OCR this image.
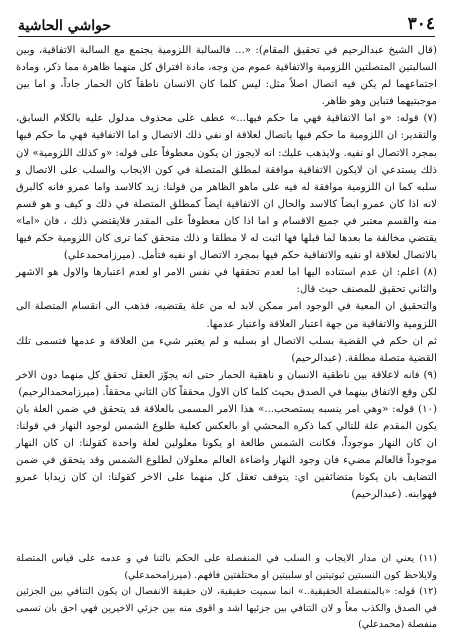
٣٠٤
حواشي الحاشية

(قال الشيخ عبدالرحيم في تحقيق المقام): «... فالسالبة اللزومية يجتمع مع السالبة الاتفاقية، وبين السالبتين المتصلتين اللزومية والاتفاقية عموم من وجه، مادة افتراق كل منهما ظاهرة مما ذكر، ومادة اجتماعهما لم يكن فيه اتصال اصلاً مثل: ليس كلما كان الانسان ناطقاً كان الحمار جاداً، و اما بين موجبتيهما فتباين وهو ظاهر.

(٧) قوله: «و اما الاتفاقية فهي ما حكم فيها...» عطف على محذوف مدلول عليه بالكلام السابق، والتقدير: ان اللزومية ما حكم فيها باتصال لعلاقة او نفي ذلك الاتصال و اما الاتفاقية فهي ما حكم فيها بمجرد الاتصال او نفيه. ولايذهب عليك: انه لايجوز ان يكون معطوفاً على قوله: «و كذلك اللزومية» لان ذلك يستدعي ان لايكون الاتفاقية موافقة لمطلق المتصلة في كون الايجاب والسلب على الاتصال و سلبه كما ان اللزومية موافقة له فيه على ماهو الظاهر من قولنا: زيد كالاسد واما عمرو فانه كالبرق لانه اذا كان عمرو ابضاً كالاسد والحال ان الاتفاقية ايضاً كمطلق المتصلة في ذلك و كيف و هو قسم منه والقسم معتبر في جميع الاقسام و اما اذا كان معطوفاً على المقدر فلايقتضي ذلك ، فان «اما» يقتضي مخالفة ما بعدها لما قبلها فها اثبت له لا مطلقا و ذلك متحقق كما ترى كان اللزومية حكم فيها بالاتصال لعلاقة او نفيه والاتفاقية حكم فيها بمجرد الاتصال او نفيه فتأمل. (ميرزامحمدعلي)

(٨) اعلم: ان عدم استناده اليها اما لعدم تحققها في نفس الامر او لعدم اعتبارها والاول هو الاشهر والثاني تحقيق للمصنف حيث قال:

والتحقيق ان المعية في الوجود امر ممكن لابد له من علة يقتضيه، فذهب الى انقسام المتصلة الى اللزومية والاتفاقية من جهة اعتبار العلاقة واعتبار عدمها.

ثم ان حكم في القضية بسلب الاتصال او بسلبه و لم يعتبر شيء من العلاقة و عدمها فتسمى تلك القضية متصلة مطلقة. (عبدالرحيم)

(٩) فانه لاعلاقة بين ناطقية الانسان و ناهقية الحمار حتى انه يجوّز العقل تحقق كل منهما دون الاخر لكن وقع الاتفاق بينهما في الصدق بحيث كلما كان الاول محققاً كان الثاني محققاً. (ميرزامحمدالرحيم)

(١٠) قوله: «وهي امر ينسبه يستصحب...» هذا الامر المسمى بالعلاقة قد يتحقق في ضمن العلة بان يكون المقدم علة للتالي كما ذكره المحشي او بالعكس كعلية طلوع الشمس لوجود النهار في قولنا: ان كان النهار موجوداً، فكانت الشمس طالعة او يكونا معلولين لعلة واحدة كقولنا: ان كان النهار موجوداً فالعالم مضيء فان وجود النهار واضاءة العالم معلولان لطلوع الشمس وقد يتحقق في ضمن التضايف بان يكونا متضائفين اي: يتوقف تعقل كل منهما على الاخر كقولنا: ان كان زيدابا عمرو فهوابنه. (عبدالرحيم)

(١١) يعني ان مدار الايجاب و السلب في المنفصلة على الحكم بالتنا في و عدمه على قياس المتصلة ولايلاحظ كون النسبتين ثبوتيتين او سلبيتين او مختلفتين فافهم. (ميرزامحمدعلي)

(١٢) قوله: «بالمنفصلة الحقيقية..» انما سميت حقيقية، لان حقيقة الانفصال ان يكون التنافي بين الجزئين في الصدق والكذب معاً و لان التنافي بين جزئيها اشد و اقوى منه بين جزئي الاخيرين فهي احق بان تسمى منفصلة (محمدعلي)
